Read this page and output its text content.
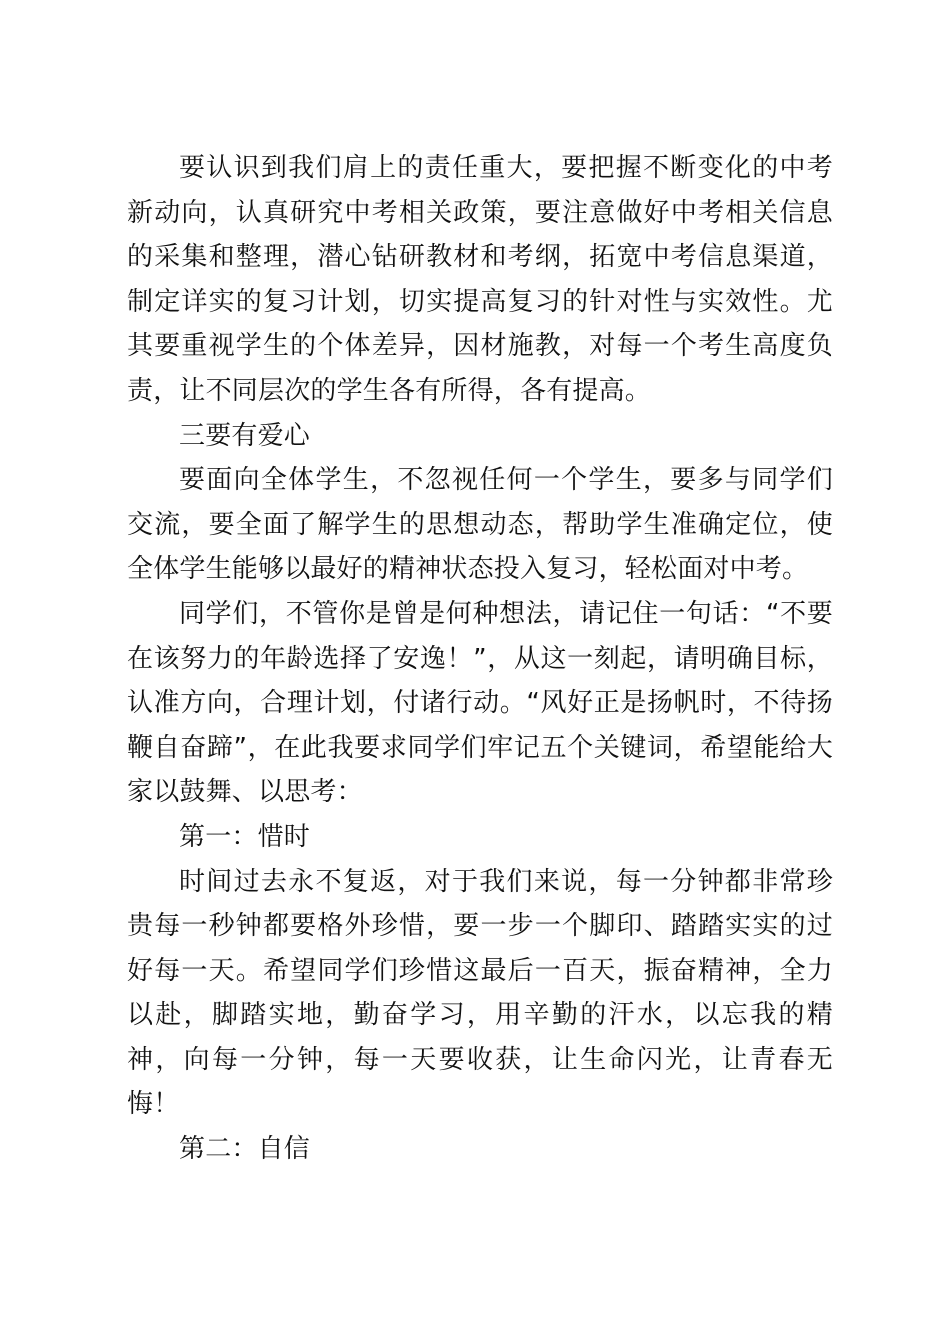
要认识到我们肩上的责任重大，要把握不断变化的中考新动向，认真研究中考相关政策，要注意做好中考相关信息的采集和整理，潜心钻研教材和考纲，拓宽中考信息渠道，制定详实的复习计划，切实提高复习的针对性与实效性。尤其要重视学生的个体差异，因材施教，对每一个考生高度负责，让不同层次的学生各有所得，各有提高。

三要有爱心

要面向全体学生，不忽视任何一个学生，要多与同学们交流，要全面了解学生的思想动态，帮助学生准确定位，使全体学生能够以最好的精神状态投入复习，轻松面对中考。

同学们，不管你是曾是何种想法，请记住一句话：“不要在该努力的年龄选择了安逸！”，从这一刻起，请明确目标，认准方向，合理计划，付诸行动。“风好正是扬帆时，不待扬鞭自奋蹄”，在此我要求同学们牢记五个关键词，希望能给大家以鼓舞、以思考：

第一：惜时

时间过去永不复返，对于我们来说，每一分钟都非常珍贵每一秒钟都要格外珍惜，要一步一个脚印、踏踏实实的过好每一天。希望同学们珍惜这最后一百天，振奋精神，全力以赴，脚踏实地，勤奋学习，用辛勤的汗水，以忘我的精神，向每一分钟，每一天要收获，让生命闪光，让青春无悔！

第二：自信
